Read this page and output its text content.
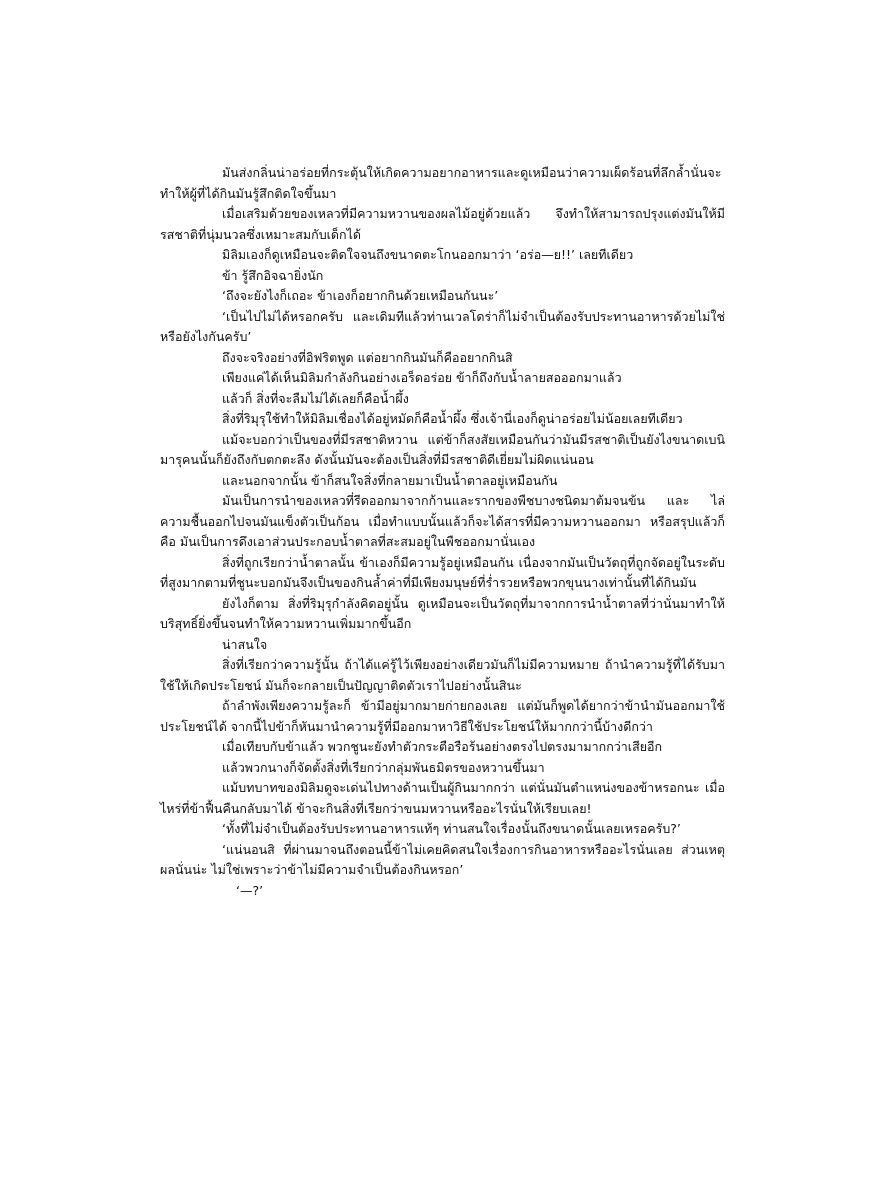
มันส่งกลิ่นน่าอร่อยที่กระตุ้นให้เกิดความอยากอาหารและดูเหมือนว่าความเผ็ดร้อนที่ลึกล้ำนั่นจะทำให้ผู้ที่ได้กินมันรู้สึกติดใจขึ้นมา

เมื่อเสริมด้วยของเหลวที่มีความหวานของผลไม้อยู่ด้วยแล้ว จึงทำให้สามารถปรุงแต่งมันให้มีรสชาติที่นุ่มนวลซึ่งเหมาะสมกับเด็กได้

มิลิมเองก็ดูเหมือนจะติดใจจนถึงขนาดตะโกนออกมาว่า ‘อร่อ—ย!!’ เลยทีเดียว

ข้า รู้สึกอิจฉายิ่งนัก

‘ถึงจะยังไงก็เถอะ ข้าเองก็อยากกินด้วยเหมือนกันนะ’

‘เป็นไปไม่ได้หรอกครับ และเดิมทีแล้วท่านเวลโดร่าก็ไม่จำเป็นต้องรับประทานอาหารด้วยไม่ใช่หรือยังไงกันครับ’

ถึงจะจริงอย่างที่อิฟริตพูด แต่อยากกินมันก็คืออยากกินสิ

เพียงแค่ได้เห็นมิลิมกำลังกินอย่างเอร็ดอร่อย ข้าก็ถึงกับน้ำลายสอออกมาแล้ว

แล้วก็ สิ่งที่จะลืมไม่ได้เลยก็คือน้ำผึ้ง

สิ่งที่ริมุรุใช้ทำให้มิลิมเชื่องได้อยู่หมัดก็คือน้ำผึ้ง ซึ่งเจ้านี่เองก็ดูน่าอร่อยไม่น้อยเลยทีเดียว

แม้จะบอกว่าเป็นของที่มีรสชาติหวาน แต่ข้าก็สงสัยเหมือนกันว่ามันมีรสชาติเป็นยังไงขนาดเบนิมารุคนนั้นก็ยังถึงกับตกตะลึง ดังนั้นมันจะต้องเป็นสิ่งที่มีรสชาติดีเยี่ยมไม่ผิดแน่นอน

และนอกจากนั้น ข้าก็สนใจสิ่งที่กลายมาเป็นน้ำตาลอยู่เหมือนกัน

มันเป็นการนำของเหลวที่รีดออกมาจากก้านและรากของพืชบางชนิดมาต้มจนข้น และ ไล่ความชื้นออกไปจนมันแข็งตัวเป็นก้อน เมื่อทำแบบนั้นแล้วก็จะได้สารที่มีความหวานออกมา หรือสรุปแล้วก็คือ มันเป็นการดึงเอาส่วนประกอบน้ำตาลที่สะสมอยู่ในพืชออกมานั่นเอง

สิ่งที่ถูกเรียกว่าน้ำตาลนั้น ข้าเองก็มีความรู้อยู่เหมือนกัน เนื่องจากมันเป็นวัตถุที่ถูกจัดอยู่ในระดับที่สูงมากตามที่ชูนะบอกมันจึงเป็นของกินล้ำค่าที่มีเพียงมนุษย์ที่ร่ำรวยหรือพวกขุนนางเท่านั้นที่ได้กินมัน

ยังไงก็ตาม สิ่งที่ริมุรุกำลังคิดอยู่นั้น ดูเหมือนจะเป็นวัตถุที่มาจากการนำน้ำตาลที่ว่านั่นมาทำให้บริสุทธิ์ยิ่งขึ้นจนทำให้ความหวานเพิ่มมากขึ้นอีก

น่าสนใจ

สิ่งที่เรียกว่าความรู้นั้น ถ้าได้แค่รู้ไว้เพียงอย่างเดียวมันก็ไม่มีความหมาย ถ้านำความรู้ที่ได้รับมาใช้ให้เกิดประโยชน์ มันก็จะกลายเป็นปัญญาติดตัวเราไปอย่างนั้นสินะ

ถ้าลำพังเพียงความรู้ละก็ ข้ามีอยู่มากมายก่ายกองเลย แต่มันก็พูดได้ยากว่าข้านำมันออกมาใช้ประโยชน์ได้ จากนี้ไปข้าก็หันมานำความรู้ที่มีออกมาหาวิธีใช้ประโยชน์ให้มากกว่านี้บ้างดีกว่า

เมื่อเทียบกับข้าแล้ว พวกชูนะยังทำตัวกระตือรือร้นอย่างตรงไปตรงมามากกว่าเสียอีก

แล้วพวกนางก็จัดตั้งสิ่งที่เรียกว่ากลุ่มพันธมิตรของหวานขึ้นมา

แม้บทบาทของมิลิมดูจะเด่นไปทางด้านเป็นผู้กินมากกว่า แต่นั่นมันตำแหน่งของข้าหรอกนะ เมื่อไหร่ที่ข้าฟื้นคืนกลับมาได้ ข้าจะกินสิ่งที่เรียกว่าขนมหวานหรืออะไรนั่นให้เรียบเลย!

‘ทั้งที่ไม่จำเป็นต้องรับประทานอาหารแท้ๆ ท่านสนใจเรื่องนั้นถึงขนาดนั้นเลยเหรอครับ?’

‘แน่นอนสิ ที่ผ่านมาจนถึงตอนนี้ข้าไม่เคยคิดสนใจเรื่องการกินอาหารหรืออะไรนั่นเลย ส่วนเหตุผลนั่นน่ะ ไม่ใช่เพราะว่าข้าไม่มีความจำเป็นต้องกินหรอก’

‘—?’
